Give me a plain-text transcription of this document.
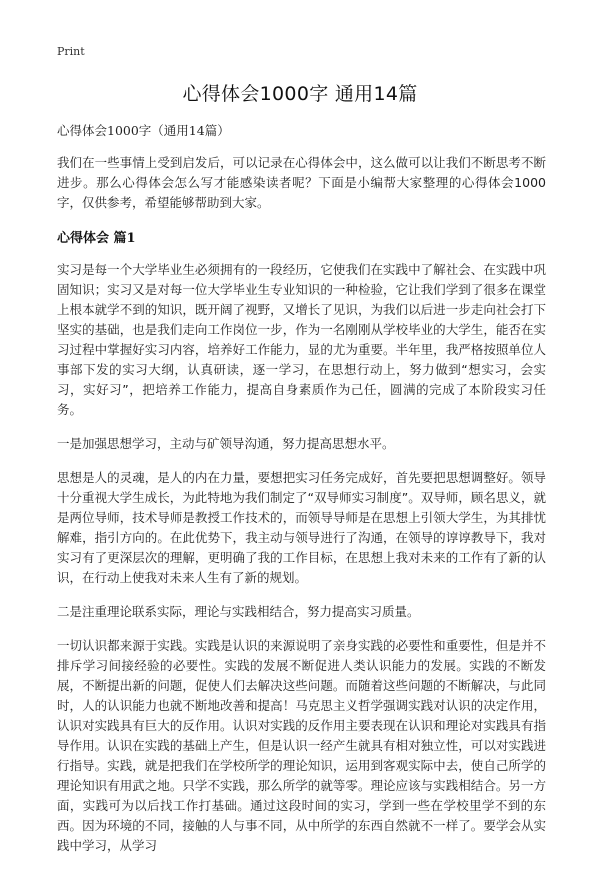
Print
心得体会1000字 通用14篇
心得体会1000字（通用14篇）

我们在一些事情上受到启发后，可以记录在心得体会中，这么做可以让我们不断思考不断进步。那么心得体会怎么写才能感染读者呢？下面是小编帮大家整理的心得体会1000字，仅供参考，希望能够帮助到大家。

心得体会 篇1

实习是每一个大学毕业生必须拥有的一段经历，它使我们在实践中了解社会、在实践中巩固知识；实习又是对每一位大学毕业生专业知识的一种检验，它让我们学到了很多在课堂上根本就学不到的知识，既开阔了视野，又增长了见识，为我们以后进一步走向社会打下坚实的基础，也是我们走向工作岗位一步，作为一名刚刚从学校毕业的大学生，能否在实习过程中掌握好实习内容，培养好工作能力，显的尤为重要。半年里，我严格按照单位人事部下发的实习大纲，认真研读，逐一学习，在思想行动上，努力做到“想实习，会实习，实好习”，把培养工作能力，提高自身素质作为己任，圆满的完成了本阶段实习任务。

一是加强思想学习，主动与矿领导沟通，努力提高思想水平。

思想是人的灵魂，是人的内在力量，要想把实习任务完成好，首先要把思想调整好。领导十分重视大学生成长，为此特地为我们制定了“双导师实习制度”。双导师，顾名思义，就是两位导师，技术导师是教授工作技术的，而领导导师是在思想上引领大学生，为其排忧解难，指引方向的。在此优势下，我主动与领导进行了沟通，在领导的谆谆教导下，我对实习有了更深层次的理解，更明确了我的工作目标，在思想上我对未来的工作有了新的认识，在行动上使我对未来人生有了新的规划。

二是注重理论联系实际，理论与实践相结合，努力提高实习质量。

一切认识都来源于实践。实践是认识的来源说明了亲身实践的必要性和重要性，但是并不排斥学习间接经验的必要性。实践的发展不断促进人类认识能力的发展。实践的不断发展，不断提出新的问题，促使人们去解决这些问题。而随着这些问题的不断解决，与此同时，人的认识能力也就不断地改善和提高！马克思主义哲学强调实践对认识的决定作用，认识对实践具有巨大的反作用。认识对实践的反作用主要表现在认识和理论对实践具有指导作用。认识在实践的基础上产生，但是认识一经产生就具有相对独立性，可以对实践进行指导。实践，就是把我们在学校所学的理论知识，运用到客观实际中去，使自己所学的理论知识有用武之地。只学不实践，那么所学的就等零。理论应该与实践相结合。另一方面，实践可为以后找工作打基础。通过这段时间的实习，学到一些在学校里学不到的东西。因为环境的不同，接触的人与事不同，从中所学的东西自然就不一样了。要学会从实践中学习，从学习
